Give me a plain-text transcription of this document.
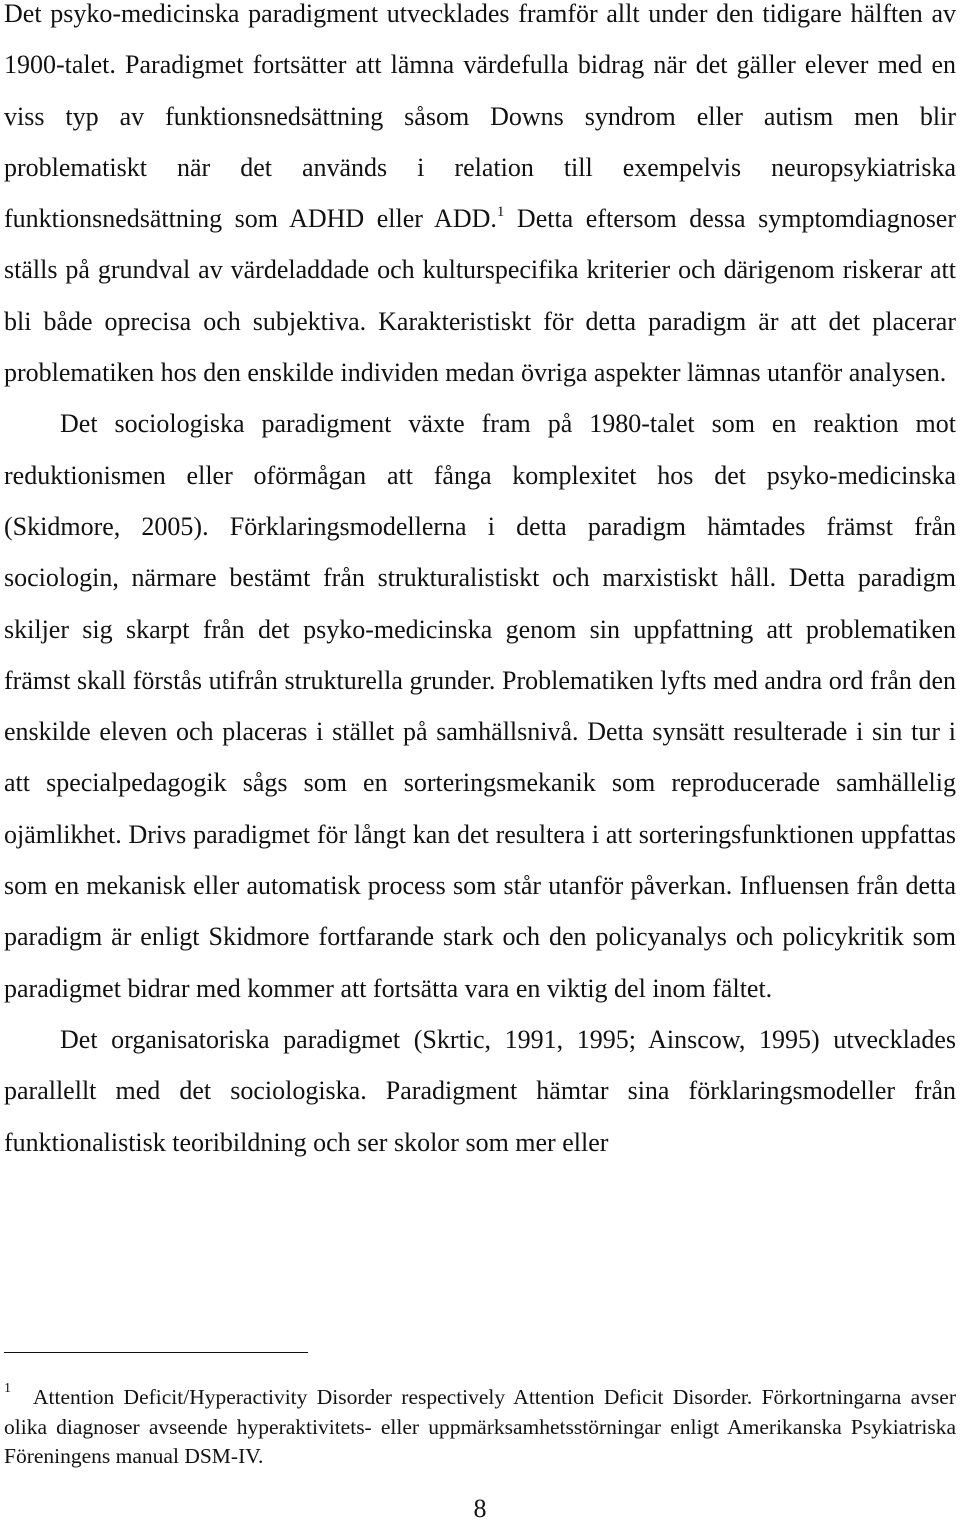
Det psyko-medicinska paradigment utvecklades framför allt under den tidigare hälften av 1900-talet. Paradigmet fortsätter att lämna värdefulla bidrag när det gäller elever med en viss typ av funktionsnedsättning såsom Downs syndrom eller autism men blir problematiskt när det används i relation till exempelvis neuropsykiatriska funktionsnedsättning som ADHD eller ADD.$^1$ Detta eftersom dessa symptomdiagnoser ställs på grundval av värdeladdade och kulturspecifika kriterier och därigenom riskerar att bli både oprecisa och subjektiva. Karakteristiskt för detta paradigm är att det placerar problematiken hos den enskilde individen medan övriga aspekter lämnas utanför analysen.

Det sociologiska paradigment växte fram på 1980-talet som en reaktion mot reduktionismen eller oförmågan att fånga komplexitet hos det psyko-medicinska (Skidmore, 2005). Förklaringsmodellerna i detta paradigm hämtades främst från sociologin, närmare bestämt från strukturalistiskt och marxistiskt håll. Detta paradigm skiljer sig skarpt från det psyko-medicinska genom sin uppfattning att problematiken främst skall förstås utifrån strukturella grunder. Problematiken lyfts med andra ord från den enskilde eleven och placeras i stället på samhällsnivå. Detta synsätt resulterade i sin tur i att specialpedagogik sågs som en sorteringsmekanik som reproducerade samhällelig ojämlikhet. Drivs paradigmet för långt kan det resultera i att sorteringsfunktionen uppfattas som en mekanisk eller automatisk process som står utanför påverkan. Influensen från detta paradigm är enligt Skidmore fortfarande stark och den policyanalys och policykritik som paradigmet bidrar med kommer att fortsätta vara en viktig del inom fältet.

Det organisatoriska paradigmet (Skrtic, 1991, 1995; Ainscow, 1995) utvecklades parallellt med det sociologiska. Paradigment hämtar sina förklaringsmodeller från funktionalistisk teoribildning och ser skolor som mer eller

$^1$ Attention Deficit/Hyperactivity Disorder respectively Attention Deficit Disorder. Förkortningarna avser olika diagnoser avseende hyperaktivitets- eller uppmärksamhetsstörningar enligt Amerikanska Psykiatriska Föreningens manual DSM-IV.

8
